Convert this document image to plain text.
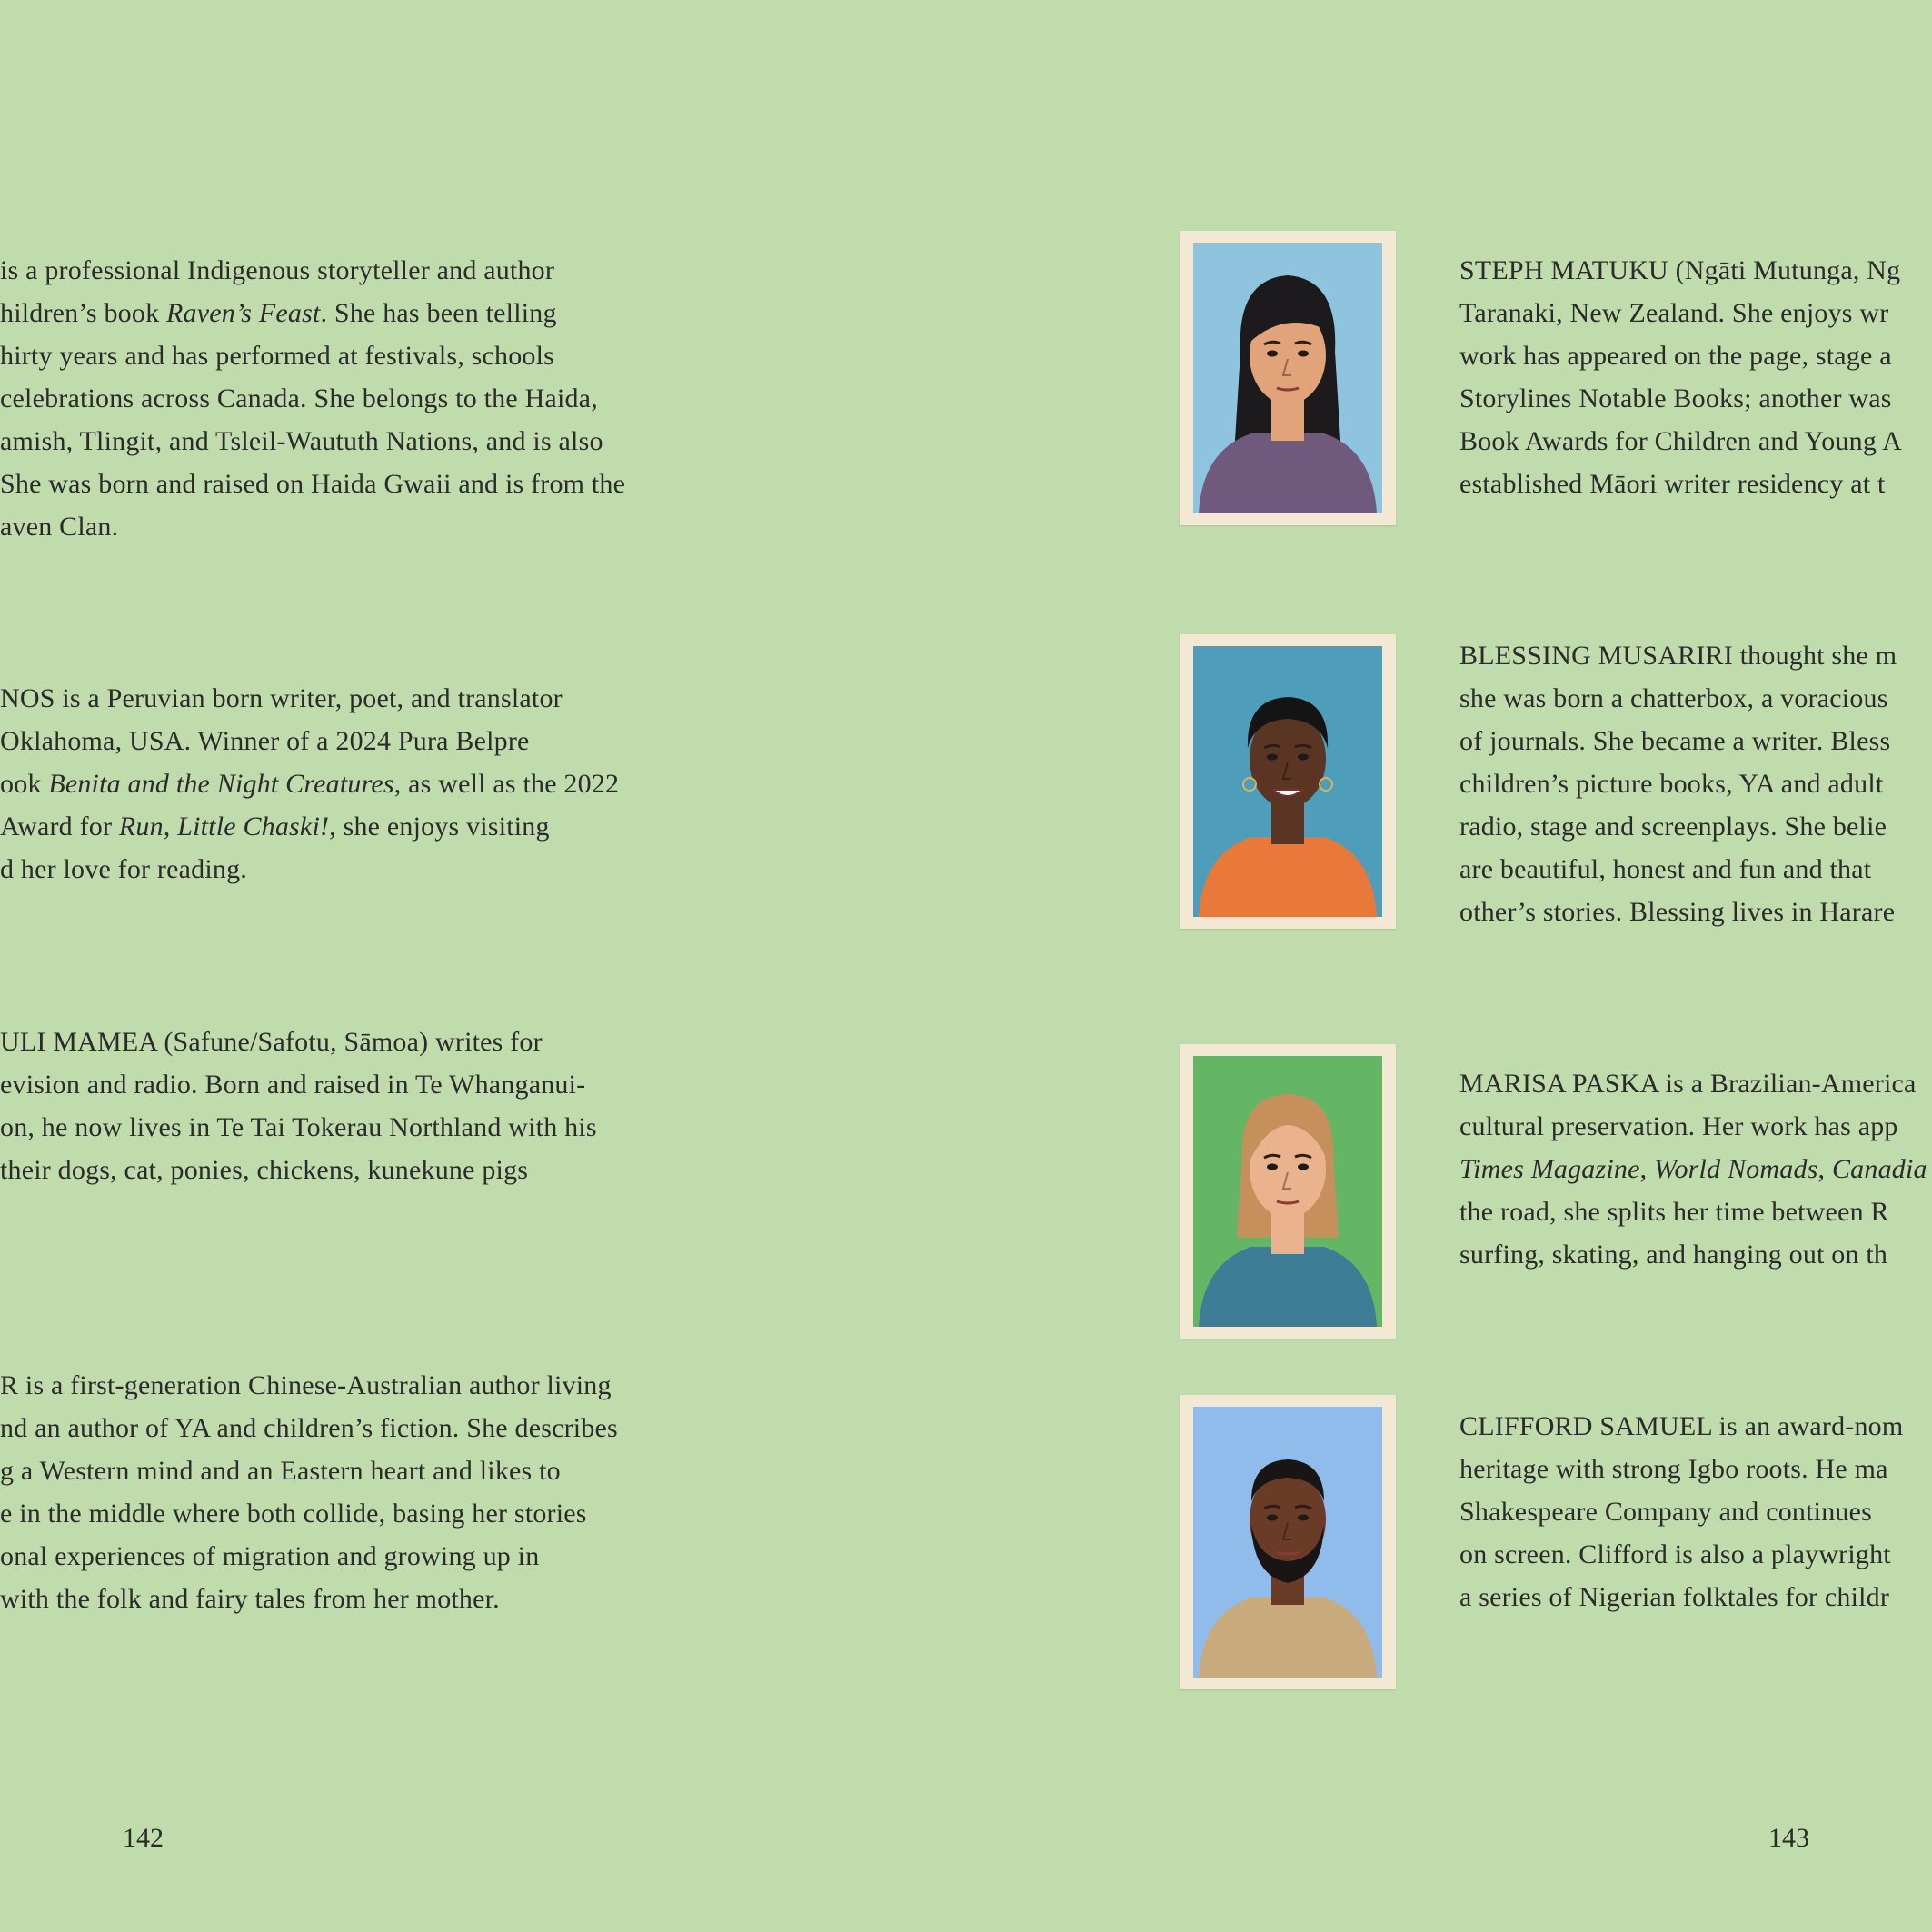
is a professional Indigenous storyteller and author
hildren’s book Raven’s Feast. She has been telling
hirty years and has performed at festivals, schools
celebrations across Canada. She belongs to the Haida,
amish, Tlingit, and Tsleil-Waututh Nations, and is also
She was born and raised on Haida Gwaii and is from the
aven Clan.

NOS is a Peruvian born writer, poet, and translator
Oklahoma, USA. Winner of a 2024 Pura Belpre
ook Benita and the Night Creatures, as well as the 2022
Award for Run, Little Chaski!, she enjoys visiting
d her love for reading.

ULI MAMEA (Safune/Safotu, Sāmoa) writes for
evision and radio. Born and raised in Te Whanganui-
on, he now lives in Te Tai Tokerau Northland with his
their dogs, cat, ponies, chickens, kunekune pigs

R is a first-generation Chinese-Australian author living
nd an author of YA and children’s fiction. She describes
g a Western mind and an Eastern heart and likes to
e in the middle where both collide, basing her stories
onal experiences of migration and growing up in
with the folk and fairy tales from her mother.

142

STEPH MATUKU (Ngāti Mutunga, Ng
Taranaki, New Zealand. She enjoys wr
work has appeared on the page, stage a
Storylines Notable Books; another was
Book Awards for Children and Young A
established Māori writer residency at t

BLESSING MUSARIRI thought she m
she was born a chatterbox, a voracious
of journals. She became a writer. Bless
children’s picture books, YA and adult
radio, stage and screenplays. She belie
are beautiful, honest and fun and that
other’s stories. Blessing lives in Harare

MARISA PASKA is a Brazilian-America
cultural preservation. Her work has app
Times Magazine, World Nomads, Canadia
the road, she splits her time between R
surfing, skating, and hanging out on th

CLIFFORD SAMUEL is an award-nom
heritage with strong Igbo roots. He ma
Shakespeare Company and continues
on screen. Clifford is also a playwright
a series of Nigerian folktales for childr

143
